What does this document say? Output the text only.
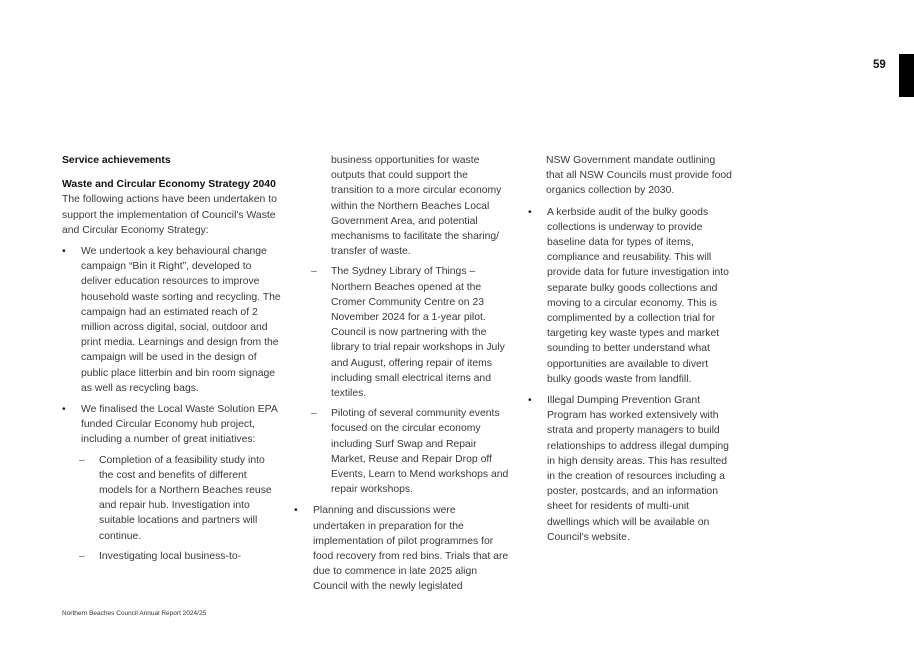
59

Service achievements

Waste and Circular Economy Strategy 2040

The following actions have been undertaken to support the implementation of Council's Waste and Circular Economy Strategy:

• We undertook a key behavioural change campaign “Bin it Right”, developed to deliver education resources to improve household waste sorting and recycling. The campaign had an estimated reach of 2 million across digital, social, outdoor and print media. Learnings and design from the campaign will be used in the design of public place litterbin and bin room signage as well as recycling bags.
• We finalised the Local Waste Solution EPA funded Circular Economy hub project, including a number of great initiatives:
– Completion of a feasibility study into the cost and benefits of different models for a Northern Beaches reuse and repair hub. Investigation into suitable locations and partners will continue.
– Investigating local business-to-

business opportunities for waste outputs that could support the transition to a more circular economy within the Northern Beaches Local Government Area, and potential mechanisms to facilitate the sharing/ transfer of waste.

– The Sydney Library of Things – Northern Beaches opened at the Cromer Community Centre on 23 November 2024 for a 1-year pilot. Council is now partnering with the library to trial repair workshops in July and August, offering repair of items including small electrical items and textiles.
– Piloting of several community events focused on the circular economy including Surf Swap and Repair Market, Reuse and Repair Drop off Events, Learn to Mend workshops and repair workshops.
• Planning and discussions were undertaken in preparation for the implementation of pilot programmes for food recovery from red bins. Trials that are due to commence in late 2025 align Council with the newly legislated

NSW Government mandate outlining that all NSW Councils must provide food organics collection by 2030.

• A kerbside audit of the bulky goods collections is underway to provide baseline data for types of items, compliance and reusability. This will provide data for future investigation into separate bulky goods collections and moving to a circular economy. This is complimented by a collection trial for targeting key waste types and market sounding to better understand what opportunities are available to divert bulky goods waste from landfill.
• Illegal Dumping Prevention Grant Program has worked extensively with strata and property managers to build relationships to address illegal dumping in high density areas. This has resulted in the creation of resources including a poster, postcards, and an information sheet for residents of multi-unit dwellings which will be available on Council's website.
Northern Beaches Council Annual Report 2024/25
